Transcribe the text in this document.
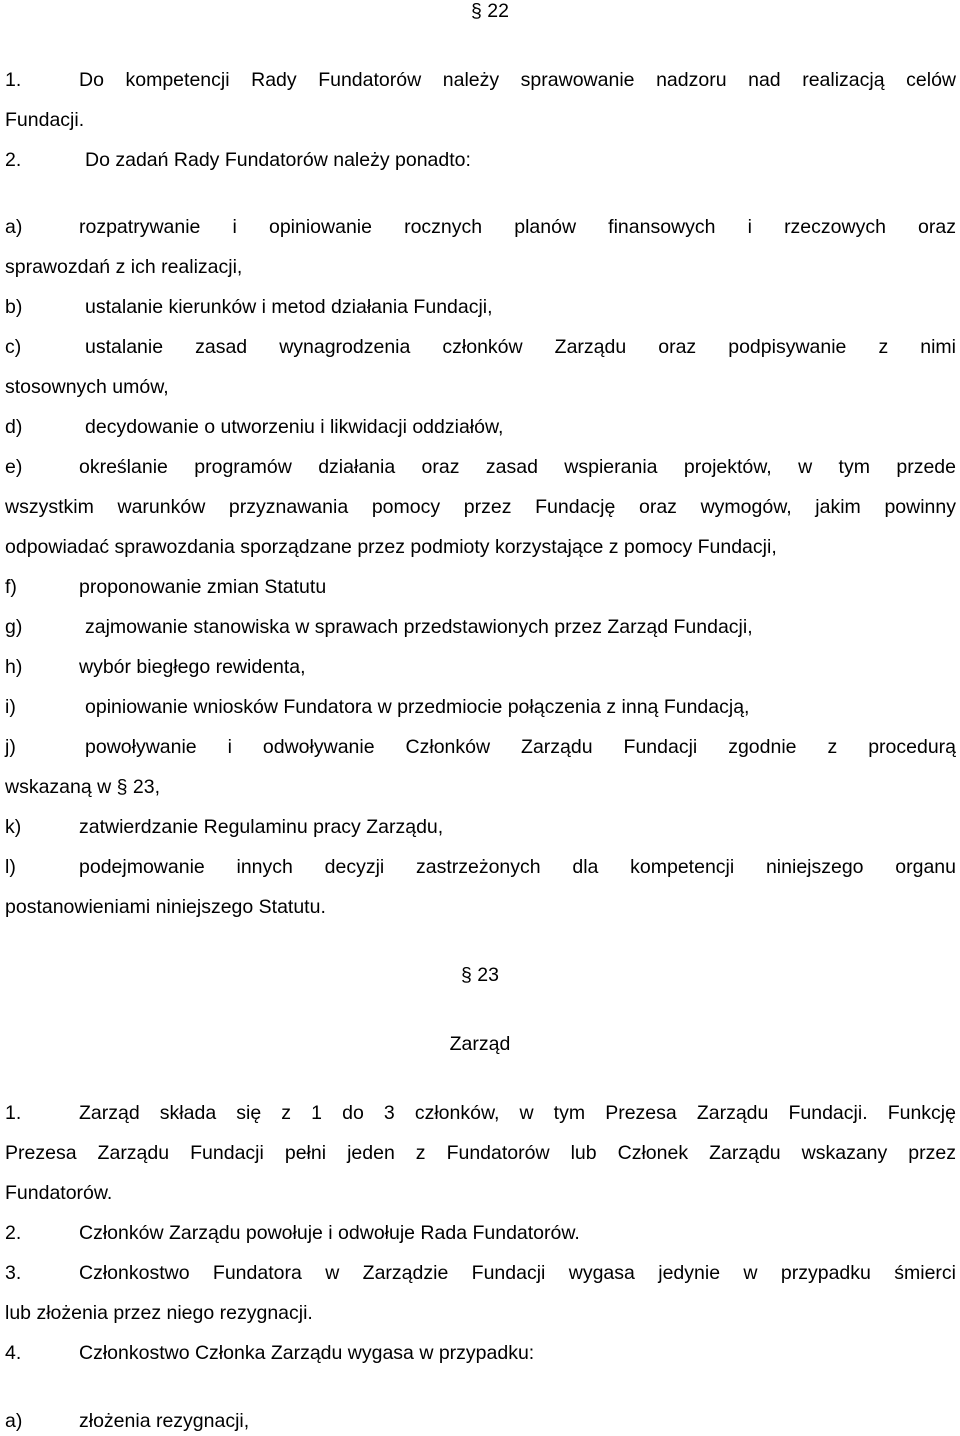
§ 22
1.	Do kompetencji Rady Fundatorów należy sprawowanie nadzoru nad realizacją celów
Fundacji.
2.	Do zadań Rady Fundatorów należy ponadto:
a)	rozpatrywanie i opiniowanie rocznych planów finansowych i rzeczowych oraz
sprawozdań z ich realizacji,
b)	ustalanie kierunków i metod działania Fundacji,
c)	ustalanie zasad wynagrodzenia członków Zarządu oraz podpisywanie z nimi
stosownych umów,
d)	decydowanie o utworzeniu i likwidacji oddziałów,
e)	określanie programów działania oraz zasad wspierania projektów, w tym przede
wszystkim warunków przyznawania pomocy przez Fundację oraz wymogów, jakim powinny
odpowiadać sprawozdania sporządzane przez podmioty korzystające z pomocy Fundacji,
f)	proponowanie zmian Statutu
g)	zajmowanie stanowiska w sprawach przedstawionych przez Zarząd Fundacji,
h)	wybór biegłego rewidenta,
i)	opiniowanie wniosków Fundatora w przedmiocie połączenia z inną Fundacją,
j)	powoływanie i odwoływanie Członków Zarządu Fundacji zgodnie z procedurą
wskazaną w § 23,
k)	zatwierdzanie Regulaminu pracy Zarządu,
l)	podejmowanie innych decyzji zastrzeżonych dla kompetencji niniejszego organu
postanowieniami niniejszego Statutu.
§ 23
Zarząd
1.	Zarząd składa się z 1 do 3 członków, w tym Prezesa Zarządu Fundacji. Funkcję
Prezesa Zarządu Fundacji pełni jeden z Fundatorów lub Członek Zarządu wskazany przez
Fundatorów.
2.	Członków Zarządu powołuje i odwołuje Rada Fundatorów.
3.	Członkostwo Fundatora w Zarządzie Fundacji wygasa jedynie w przypadku śmierci
lub złożenia przez niego rezygnacji.
4.	Członkostwo Członka Zarządu wygasa w przypadku:
a)	złożenia rezygnacji,
